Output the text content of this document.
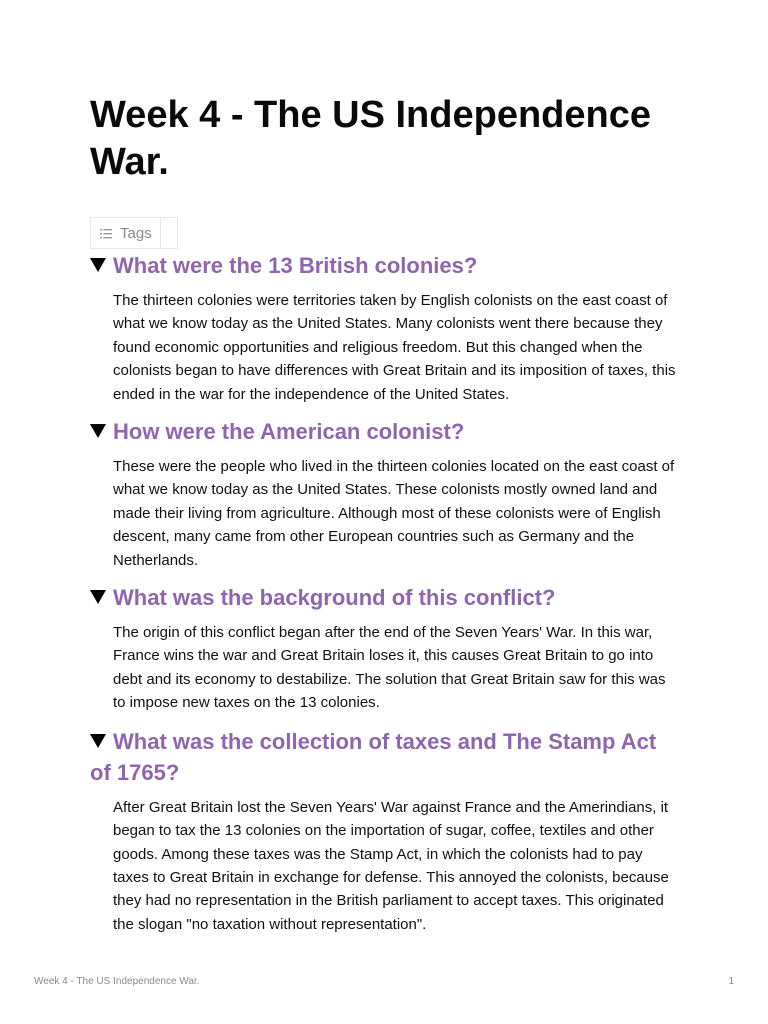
Week 4 - The US Independence War.
Tags
What were the 13 British colonies?

The thirteen colonies were territories taken by English colonists on the east coast of what we know today as the United States. Many colonists went there because they found economic opportunities and religious freedom. But this changed when the colonists began to have differences with Great Britain and its imposition of taxes, this ended in the war for the independence of the United States.

How were the American colonist?

These were the people who lived in the thirteen colonies located on the east coast of what we know today as the United States. These colonists mostly owned land and made their living from agriculture. Although most of these colonists were of English descent, many came from other European countries such as Germany and the Netherlands.

What was the background of this conflict?

The origin of this conflict began after the end of the Seven Years' War. In this war, France wins the war and Great Britain loses it, this causes Great Britain to go into debt and its economy to destabilize. The solution that Great Britain saw for this was to impose new taxes on the 13 colonies.

What was the collection of taxes and The Stamp Act of 1765?

After Great Britain lost the Seven Years' War against France and the Amerindians, it began to tax the 13 colonies on the importation of sugar, coffee, textiles and other goods. Among these taxes was the Stamp Act, in which the colonists had to pay taxes to Great Britain in exchange for defense. This annoyed the colonists, because they had no representation in the British parliament to accept taxes. This originated the slogan "no taxation without representation".

Week 4 - The US Independence War.	1
